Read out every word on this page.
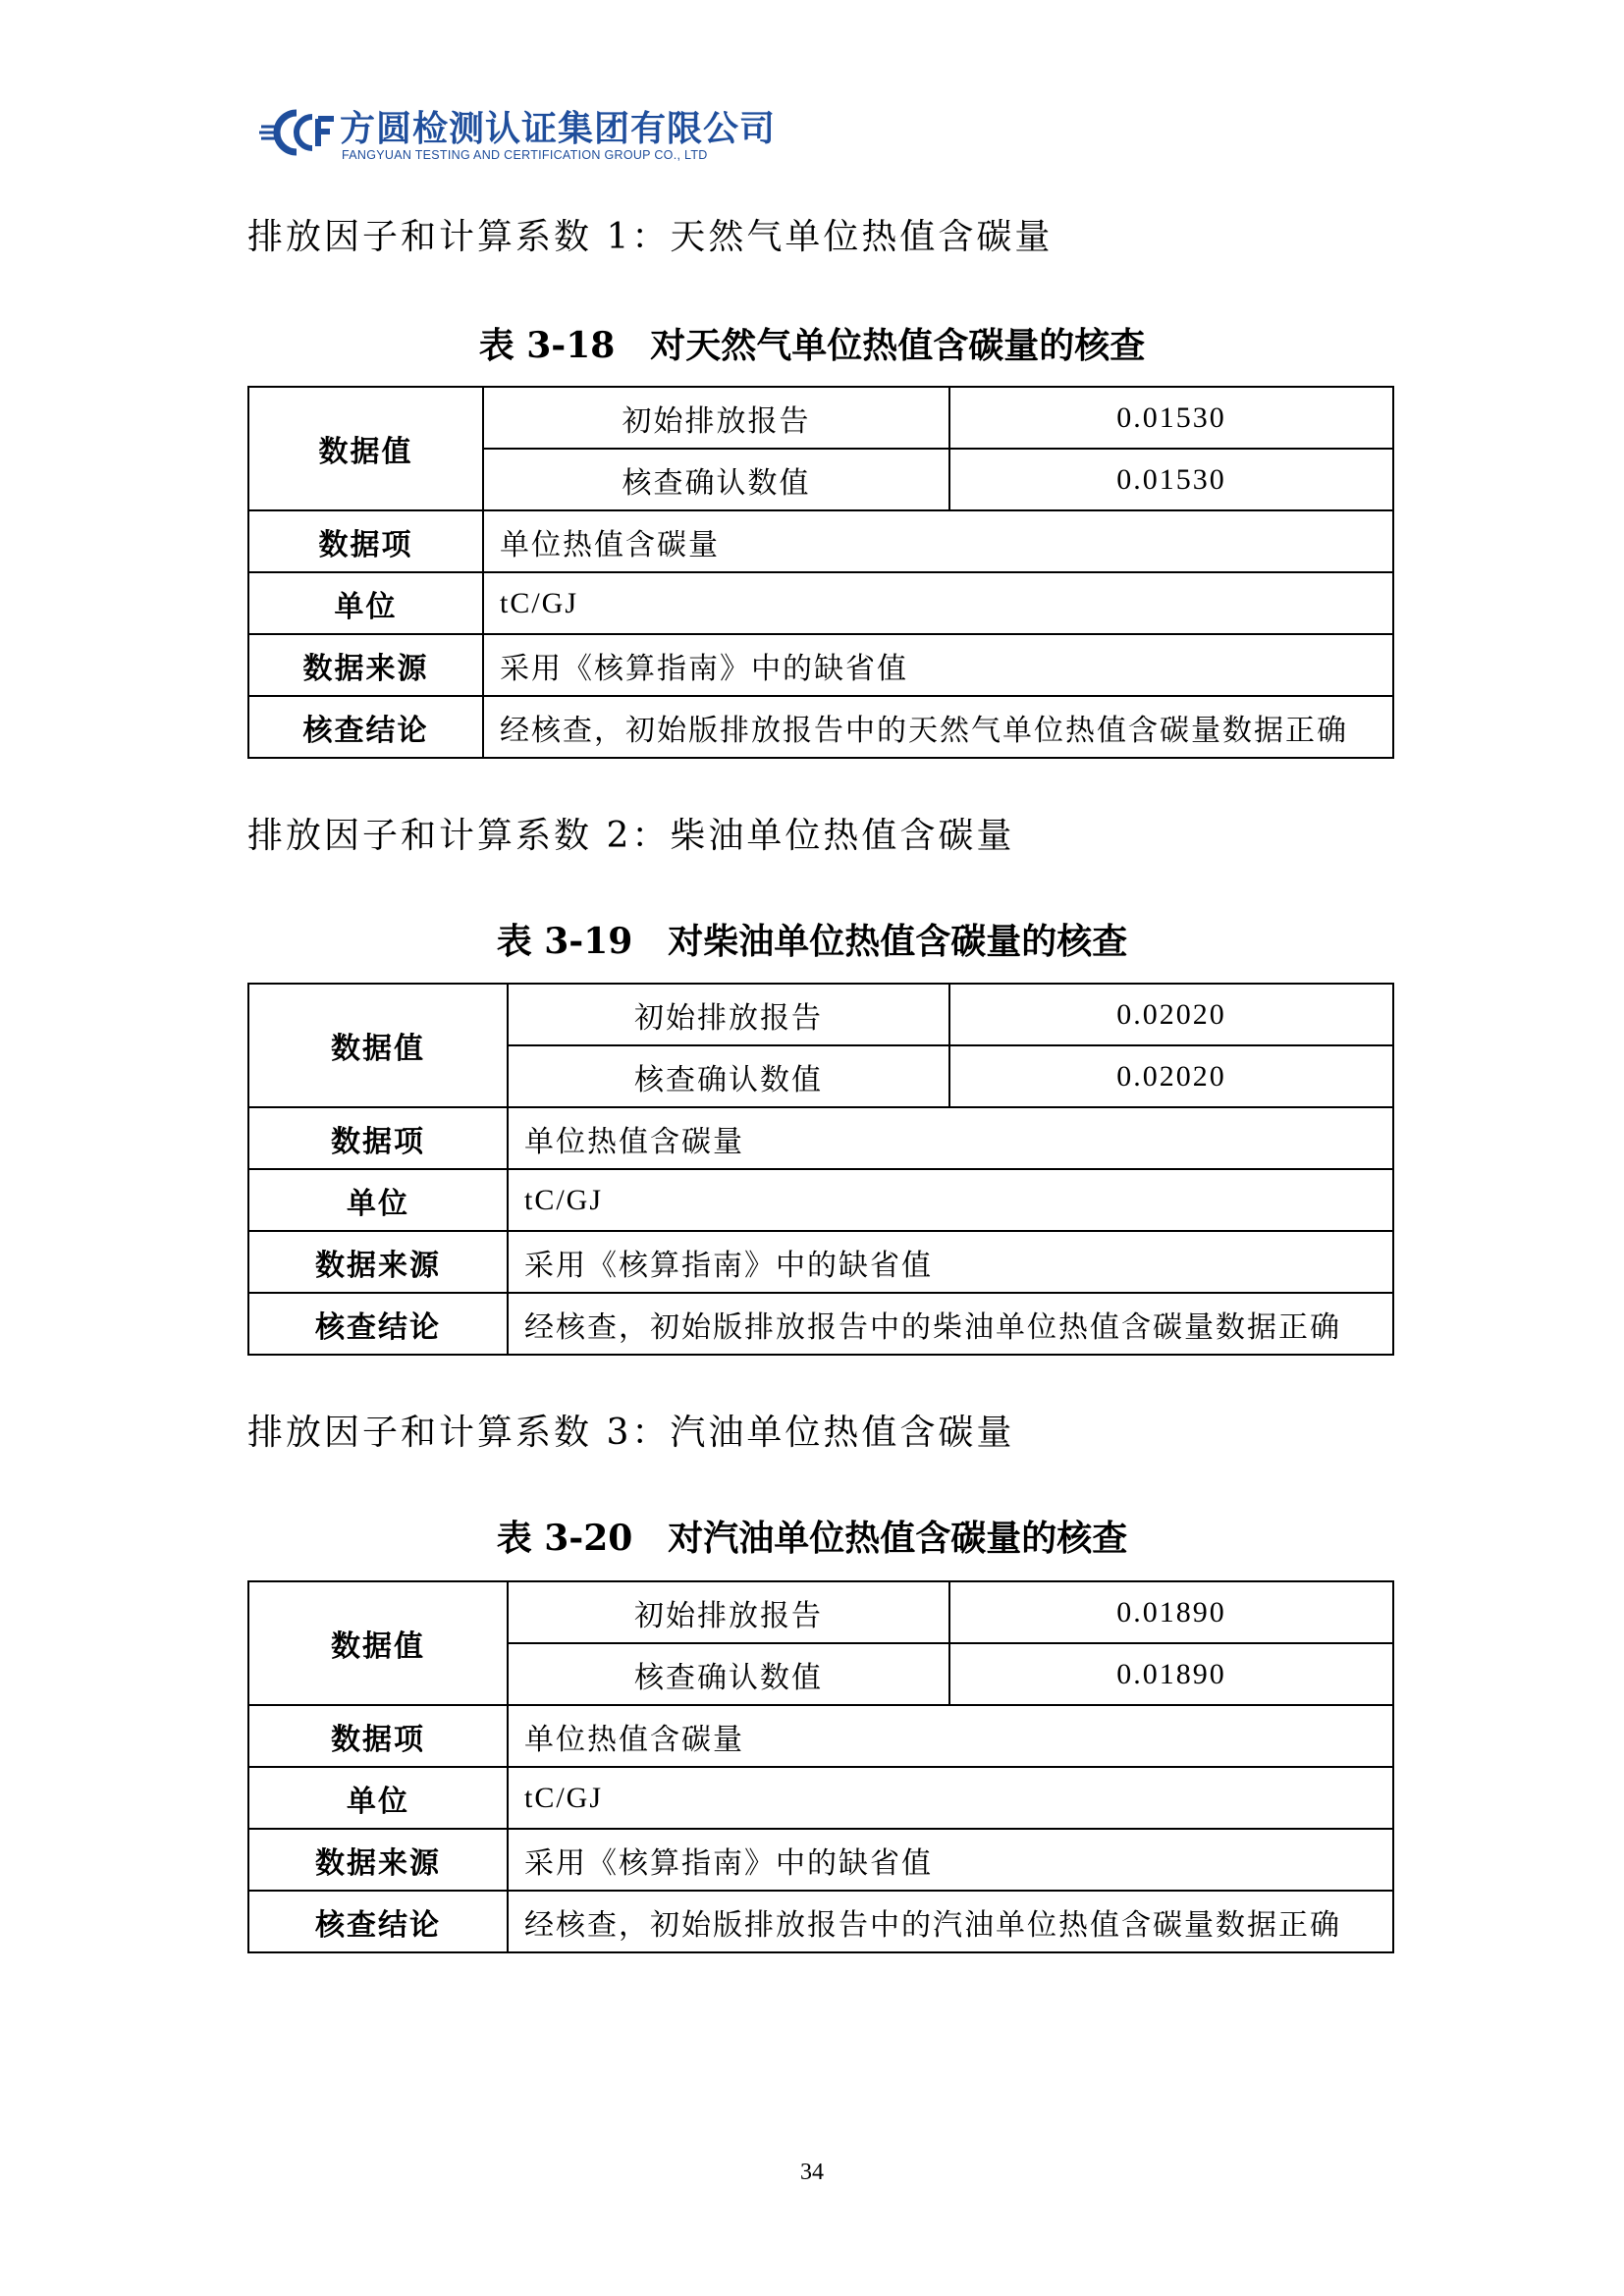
方圆检测认证集团有限公司
FANGYUAN TESTING AND CERTIFICATION GROUP CO., LTD
排放因子和计算系数 1：天然气单位热值含碳量
表 3-18　对天然气单位热值含碳量的核查
数据值	初始排放报告	0.01530
	核查确认数值	0.01530
数据项	单位热值含碳量	
单位	tC/GJ	
数据来源	采用《核算指南》中的缺省值	
核查结论	经核查，初始版排放报告中的天然气单位热值含碳量数据正确	
排放因子和计算系数 2：柴油单位热值含碳量
表 3-19　对柴油单位热值含碳量的核查
数据值	初始排放报告	0.02020
	核查确认数值	0.02020
数据项	单位热值含碳量	
单位	tC/GJ	
数据来源	采用《核算指南》中的缺省值	
核查结论	经核查，初始版排放报告中的柴油单位热值含碳量数据正确	
排放因子和计算系数 3：汽油单位热值含碳量
表 3-20　对汽油单位热值含碳量的核查
数据值	初始排放报告	0.01890
	核查确认数值	0.01890
数据项	单位热值含碳量	
单位	tC/GJ	
数据来源	采用《核算指南》中的缺省值	
核查结论	经核查，初始版排放报告中的汽油单位热值含碳量数据正确	
34
